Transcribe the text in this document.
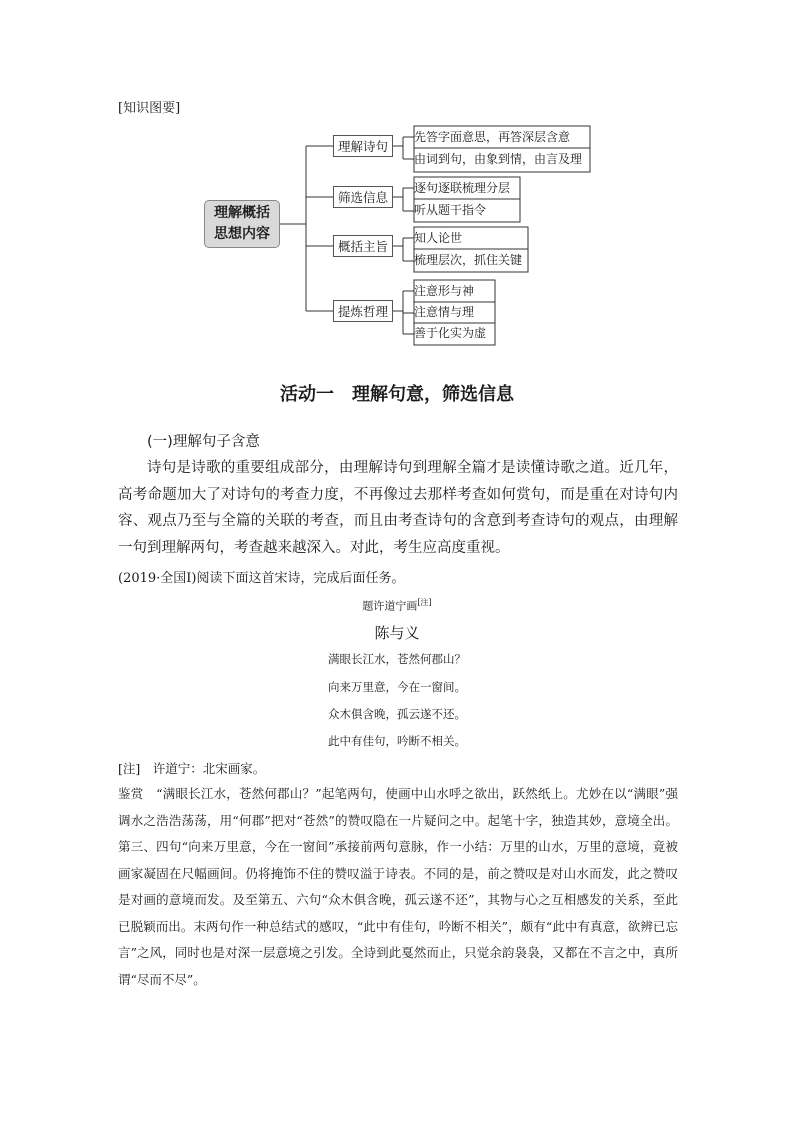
[知识图要]
理解概括
思想内容
理解诗句
筛选信息
概括主旨
提炼哲理
先答字面意思，再答深层含意
由词到句，由象到情，由言及理
逐句逐联梳理分层
听从题干指令
知人论世
梳理层次，抓住关键
注意形与神
注意情与理
善于化实为虚
活动一　理解句意，筛选信息
(一)理解句子含意
诗句是诗歌的重要组成部分，由理解诗句到理解全篇才是读懂诗歌之道。近几年，高考命题加大了对诗句的考查力度，不再像过去那样考查如何赏句，而是重在对诗句内容、观点乃至与全篇的关联的考查，而且由考查诗句的含意到考查诗句的观点，由理解一句到理解两句，考查越来越深入。对此，考生应高度重视。
(2019·全国Ⅰ)阅读下面这首宋诗，完成后面任务。
题许道宁画[注]
陈与义
满眼长江水，苍然何郡山？
向来万里意，今在一窗间。
众木俱含晚，孤云遂不还。
此中有佳句，吟断不相关。
[注]　 许道宁：北宋画家。
鉴赏　 “满眼长江水，苍然何郡山？”起笔两句，使画中山水呼之欲出，跃然纸上。尤妙在以“满眼”强调水之浩浩荡荡，用“何郡”把对“苍然”的赞叹隐在一片疑问之中。起笔十字，独造其妙，意境全出。第三、四句“向来万里意，今在一窗间”承接前两句意脉，作一小结：万里的山水，万里的意境，竟被画家凝固在尺幅画间。仍将掩饰不住的赞叹溢于诗表。不同的是，前之赞叹是对山水而发，此之赞叹是对画的意境而发。及至第五、六句“众木俱含晚，孤云遂不还”，其物与心之互相感发的关系，至此已脱颖而出。末两句作一种总结式的感叹，“此中有佳句，吟断不相关”，颇有“此中有真意，欲辨已忘言”之风，同时也是对深一层意境之引发。全诗到此戛然而止，只觉余韵袅袅，又都在不言之中，真所谓“尽而不尽”。
